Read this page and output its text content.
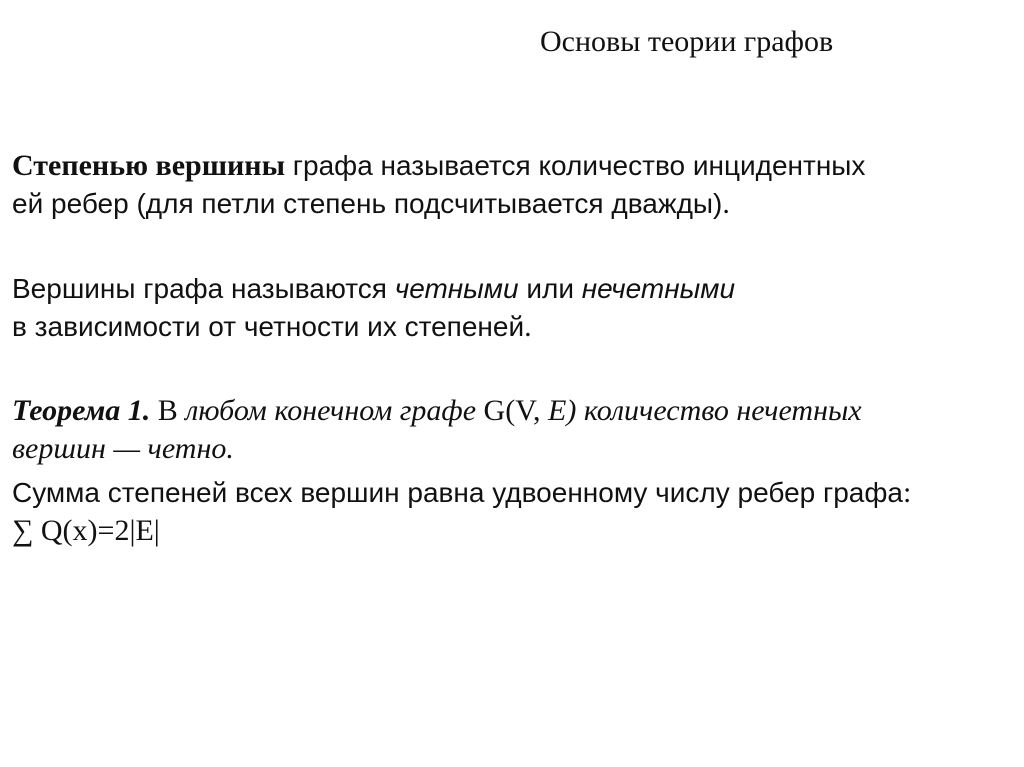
Основы теории графов
Степенью вершины графа называется количество инцидентных
ей ребер (для петли степень подсчитывается дважды).
Вершины графа называются четными или нечетными
в зависимости от четности их степеней.
Теорема 1. В любом конечном графе G(V, E) количество нечетных
вершин — четно.
Сумма степеней всех вершин равна удвоенному числу ребер графа:
∑ Q(x)=2|E|
